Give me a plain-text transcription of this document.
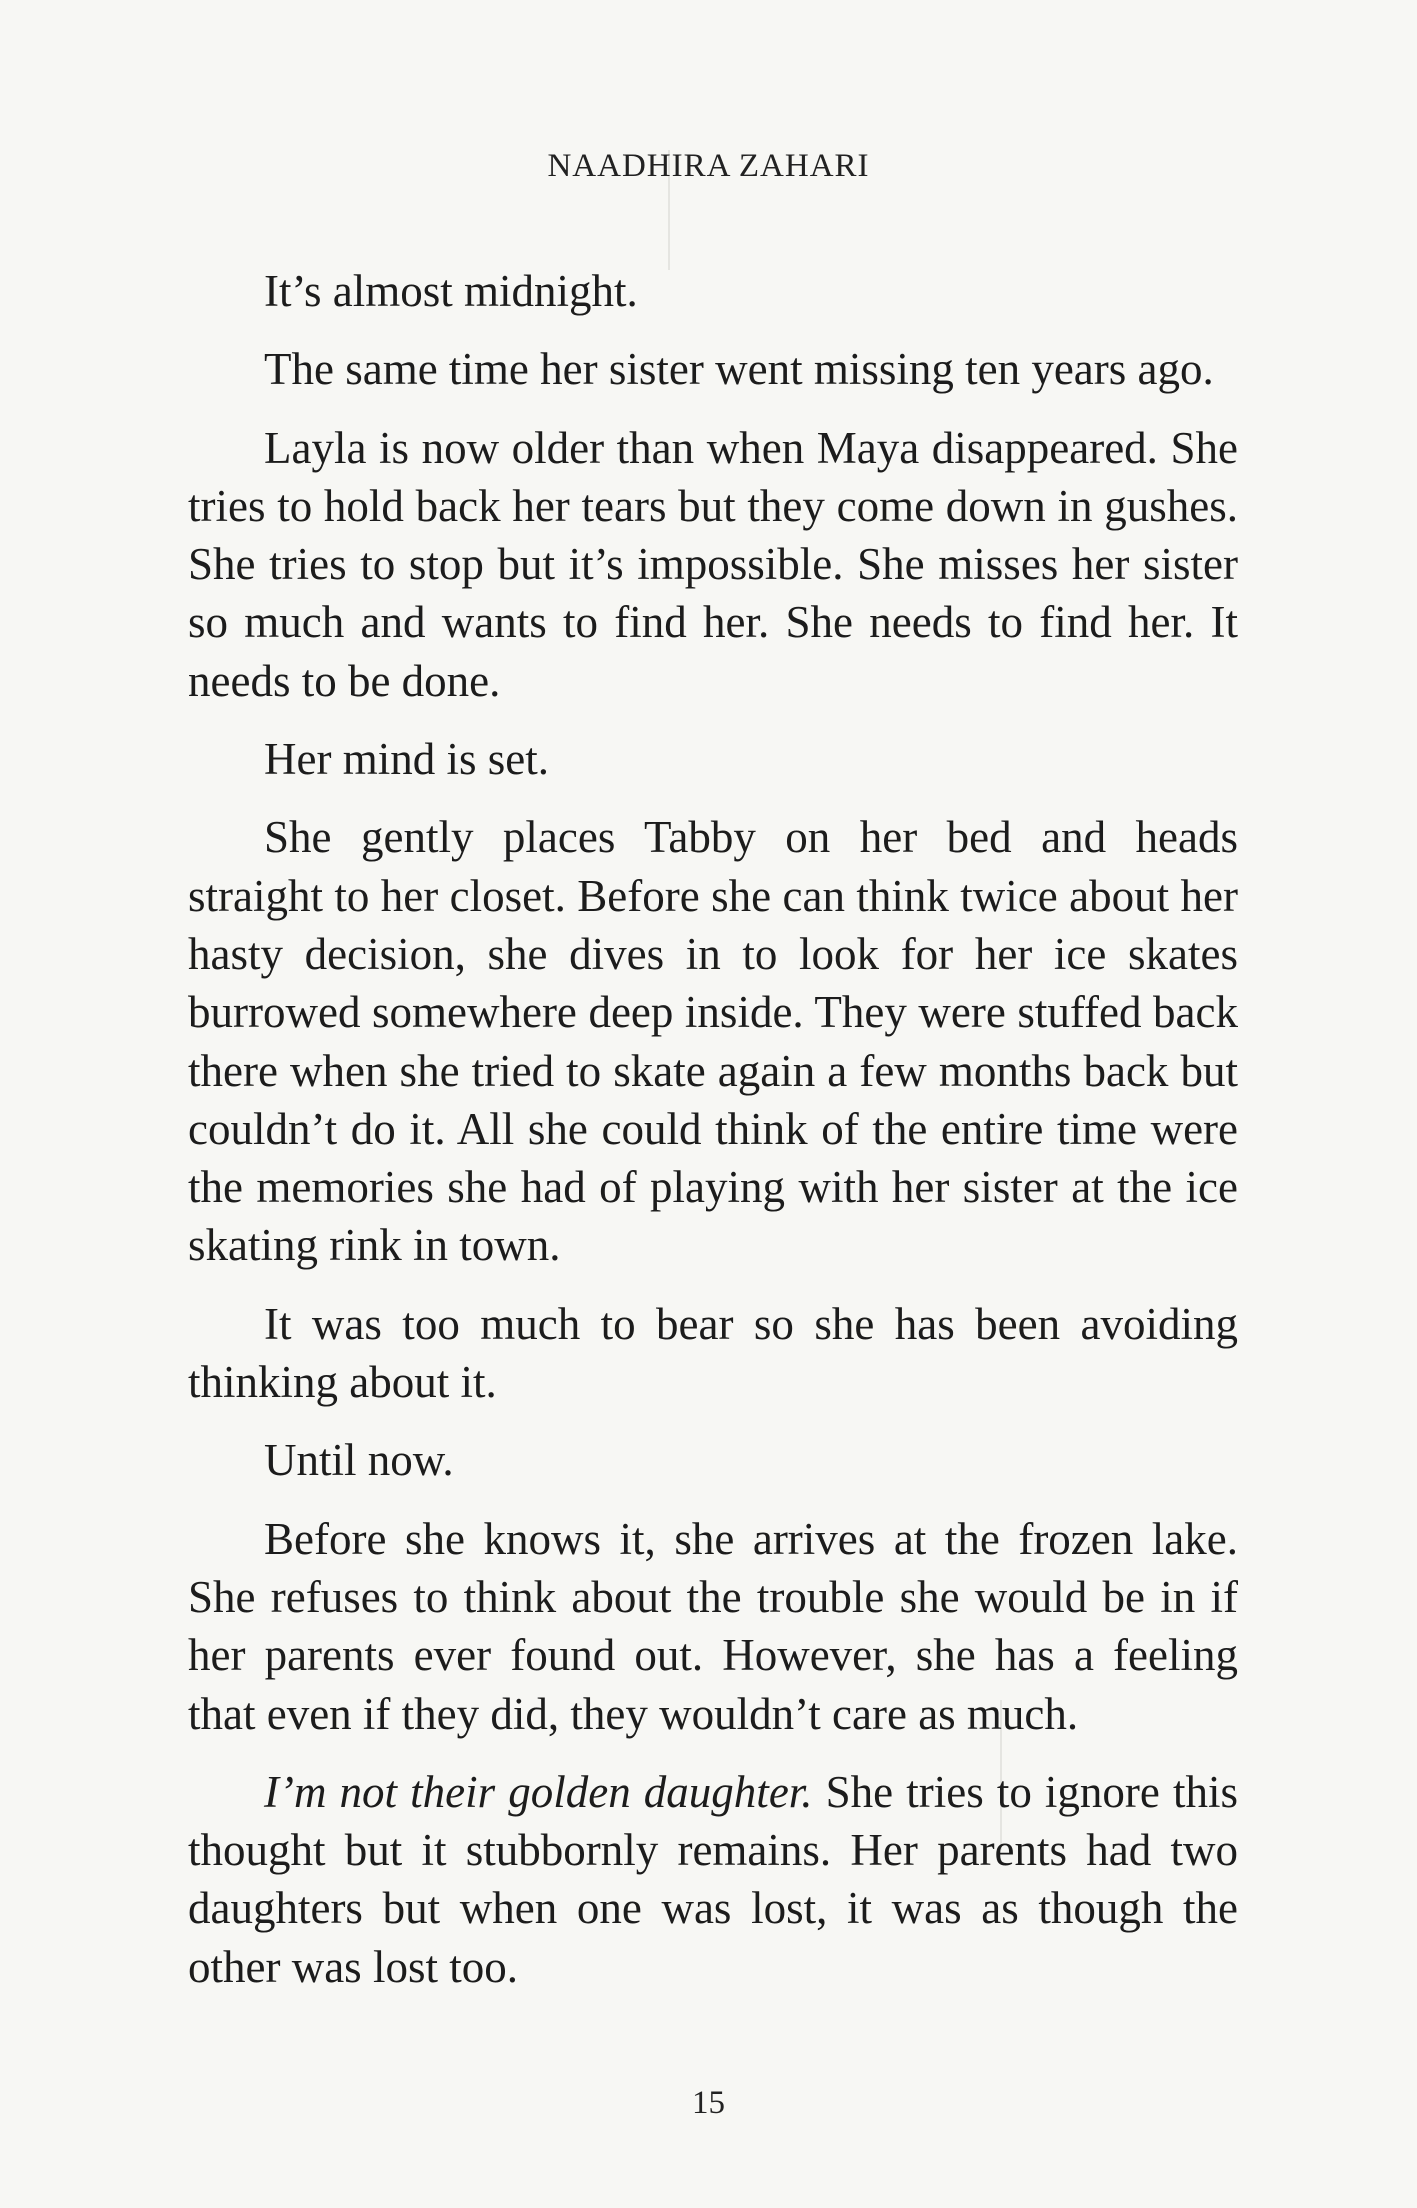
NAADHIRA ZAHARI

It’s almost midnight.

The same time her sister went missing ten years ago.

Layla is now older than when Maya disappeared. She tries to hold back her tears but they come down in gushes. She tries to stop but it’s impossible. She misses her sister so much and wants to find her. She needs to find her. It needs to be done.

Her mind is set.

She gently places Tabby on her bed and heads straight to her closet. Before she can think twice about her hasty decision, she dives in to look for her ice skates burrowed somewhere deep inside. They were stuffed back there when she tried to skate again a few months back but couldn’t do it. All she could think of the entire time were the memories she had of playing with her sister at the ice skating rink in town.

It was too much to bear so she has been avoiding thinking about it.

Until now.

Before she knows it, she arrives at the frozen lake. She refuses to think about the trouble she would be in if her parents ever found out. However, she has a feeling that even if they did, they wouldn’t care as much.

I’m not their golden daughter. She tries to ignore this thought but it stubbornly remains. Her parents had two daughters but when one was lost, it was as though the other was lost too.

15
